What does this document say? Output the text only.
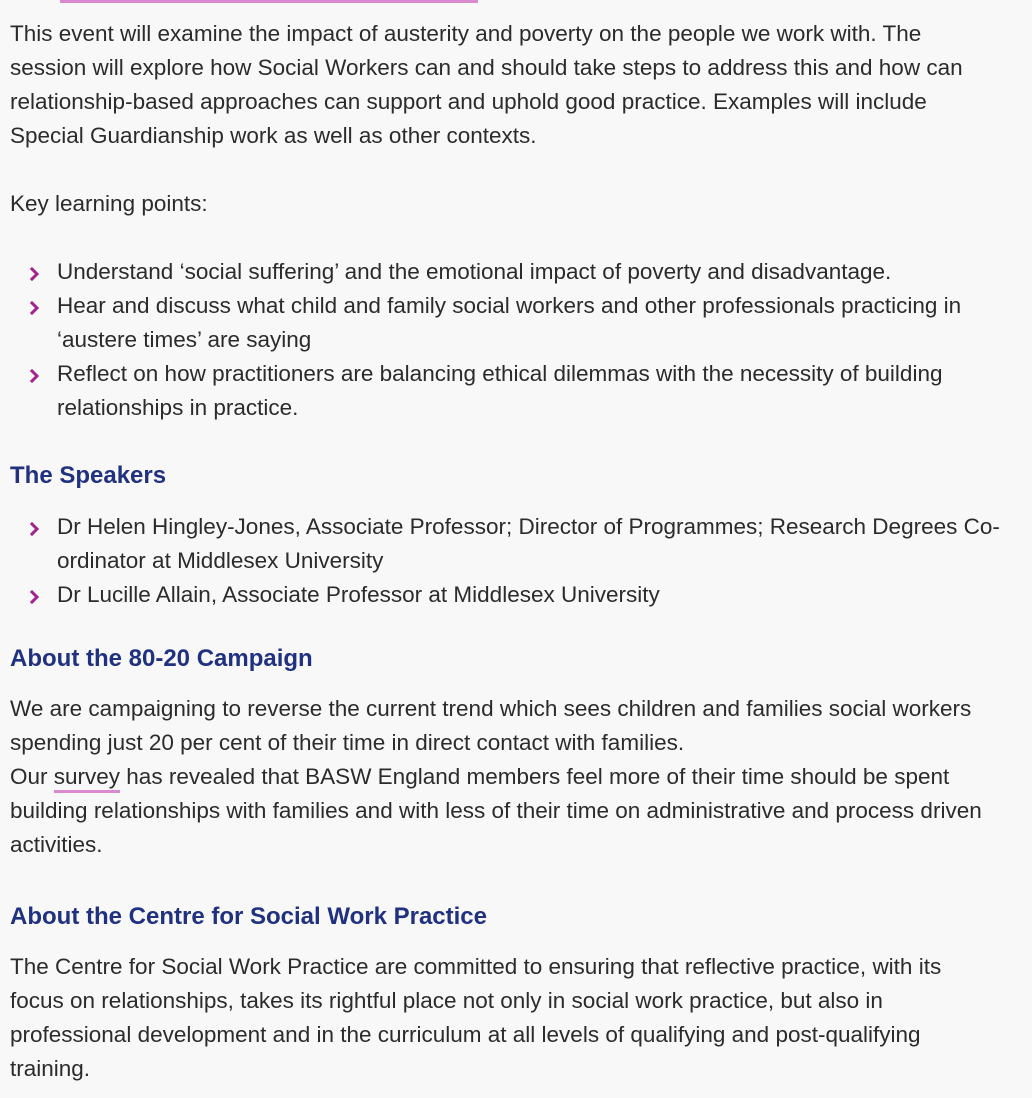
This event will examine the impact of austerity and poverty on the people we work with. The session will explore how Social Workers can and should take steps to address this and how can relationship-based approaches can support and uphold good practice. Examples will include Special Guardianship work as well as other contexts.

Key learning points:

Understand ‘social suffering’ and the emotional impact of poverty and disadvantage.
Hear and discuss what child and family social workers and other professionals practicing in ‘austere times’ are saying
Reflect on how practitioners are balancing ethical dilemmas with the necessity of building relationships in practice.
The Speakers
Dr Helen Hingley-Jones, Associate Professor; Director of Programmes; Research Degrees Co-ordinator at Middlesex University
Dr Lucille Allain, Associate Professor at Middlesex University
About the 80-20 Campaign

We are campaigning to reverse the current trend which sees children and families social workers spending just 20 per cent of their time in direct contact with families.
Our survey has revealed that BASW England members feel more of their time should be spent building relationships with families and with less of their time on administrative and process driven activities.

About the Centre for Social Work Practice

The Centre for Social Work Practice are committed to ensuring that reflective practice, with its focus on relationships, takes its rightful place not only in social work practice, but also in professional development and in the curriculum at all levels of qualifying and post-qualifying training.
